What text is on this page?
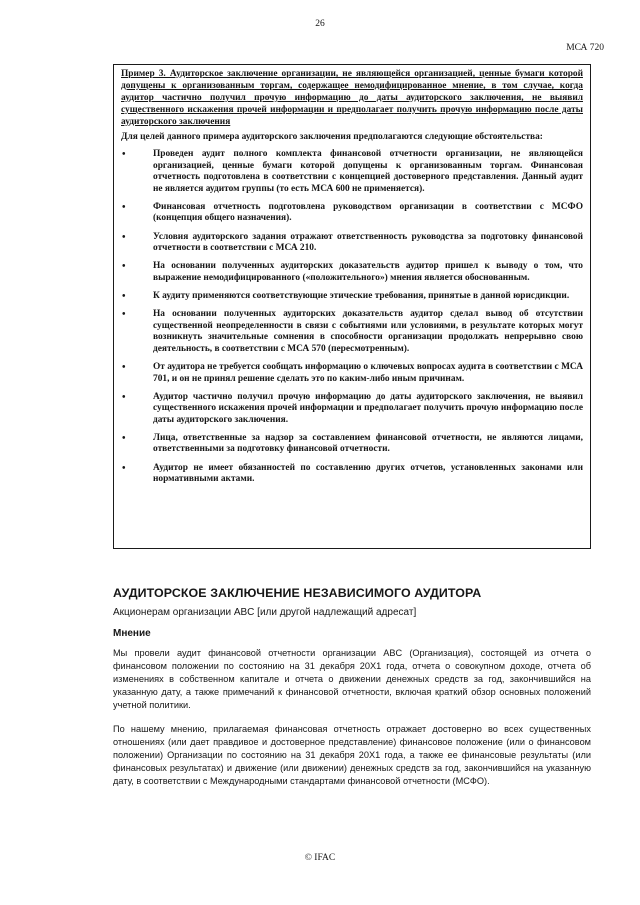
26
МСА 720

Пример 3. Аудиторское заключение организации, не являющейся организацией, ценные бумаги которой допущены к организованным торгам, содержащее немодифицированное мнение, в том случае, когда аудитор частично получил прочую информацию до даты аудиторского заключения, не выявил существенного искажения прочей информации и предполагает получить прочую информацию после даты аудиторского заключения

Для целей данного примера аудиторского заключения предполагаются следующие обстоятельства:

•	Проведен аудит полного комплекта финансовой отчетности организации, не являющейся организацией, ценные бумаги которой допущены к организованным торгам. Финансовая отчетность подготовлена в соответствии с концепцией достоверного представления. Данный аудит не является аудитом группы (то есть МСА 600 не применяется).
•	Финансовая отчетность подготовлена руководством организации в соответствии с МСФО (концепция общего назначения).
•	Условия аудиторского задания отражают ответственность руководства за подготовку финансовой отчетности в соответствии с МСА 210.
•	На основании полученных аудиторских доказательств аудитор пришел к выводу о том, что выражение немодифицированного («положительного») мнения является обоснованным.
•	К аудиту применяются соответствующие этические требования, принятые в данной юрисдикции.
•	На основании полученных аудиторских доказательств аудитор сделал вывод об отсутствии существенной неопределенности в связи с событиями или условиями, в результате которых могут возникнуть значительные сомнения в способности организации продолжать непрерывно свою деятельность, в соответствии с МСА 570 (пересмотренным).
•	От аудитора не требуется сообщать информацию о ключевых вопросах аудита в соответствии с МСА 701, и он не принял решение сделать это по каким-либо иным причинам.
•	Аудитор частично получил прочую информацию до даты аудиторского заключения, не выявил существенного искажения прочей информации и предполагает получить прочую информацию после даты аудиторского заключения.
•	Лица, ответственные за надзор за составлением финансовой отчетности, не являются лицами, ответственными за подготовку финансовой отчетности.
•	Аудитор не имеет обязанностей по составлению других отчетов, установленных законами или нормативными актами.
АУДИТОРСКОЕ ЗАКЛЮЧЕНИЕ НЕЗАВИСИМОГО АУДИТОРА

Акционерам организации ABC [или другой надлежащий адресат]

Мнение

Мы провели аудит финансовой отчетности организации ABC (Организация), состоящей из отчета о финансовом положении по состоянию на 31 декабря 20X1 года, отчета о совокупном доходе, отчета об изменениях в собственном капитале и отчета о движении денежных средств за год, закончившийся на указанную дату, а также примечаний к финансовой отчетности, включая краткий обзор основных положений учетной политики.

По нашему мнению, прилагаемая финансовая отчетность отражает достоверно во всех существенных отношениях (или дает правдивое и достоверное представление) финансовое положение (или о финансовом положении) Организации по состоянию на 31 декабря 20X1 года, а также ее финансовые результаты (или финансовых результатах) и движение (или движении) денежных средств за год, закончившийся на указанную дату, в соответствии с Международными стандартами финансовой отчетности (МСФО).

© IFAC
